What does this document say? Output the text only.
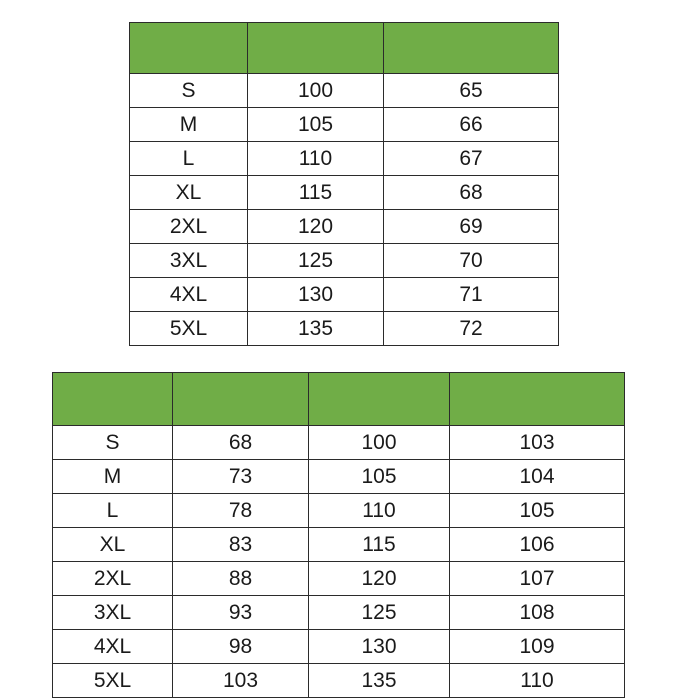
S	100	65
M	105	66
L	110	67
XL	115	68
2XL	120	69
3XL	125	70
4XL	130	71
5XL	135	72

S	68	100	103
M	73	105	104
L	78	110	105
XL	83	115	106
2XL	88	120	107
3XL	93	125	108
4XL	98	130	109
5XL	103	135	110
